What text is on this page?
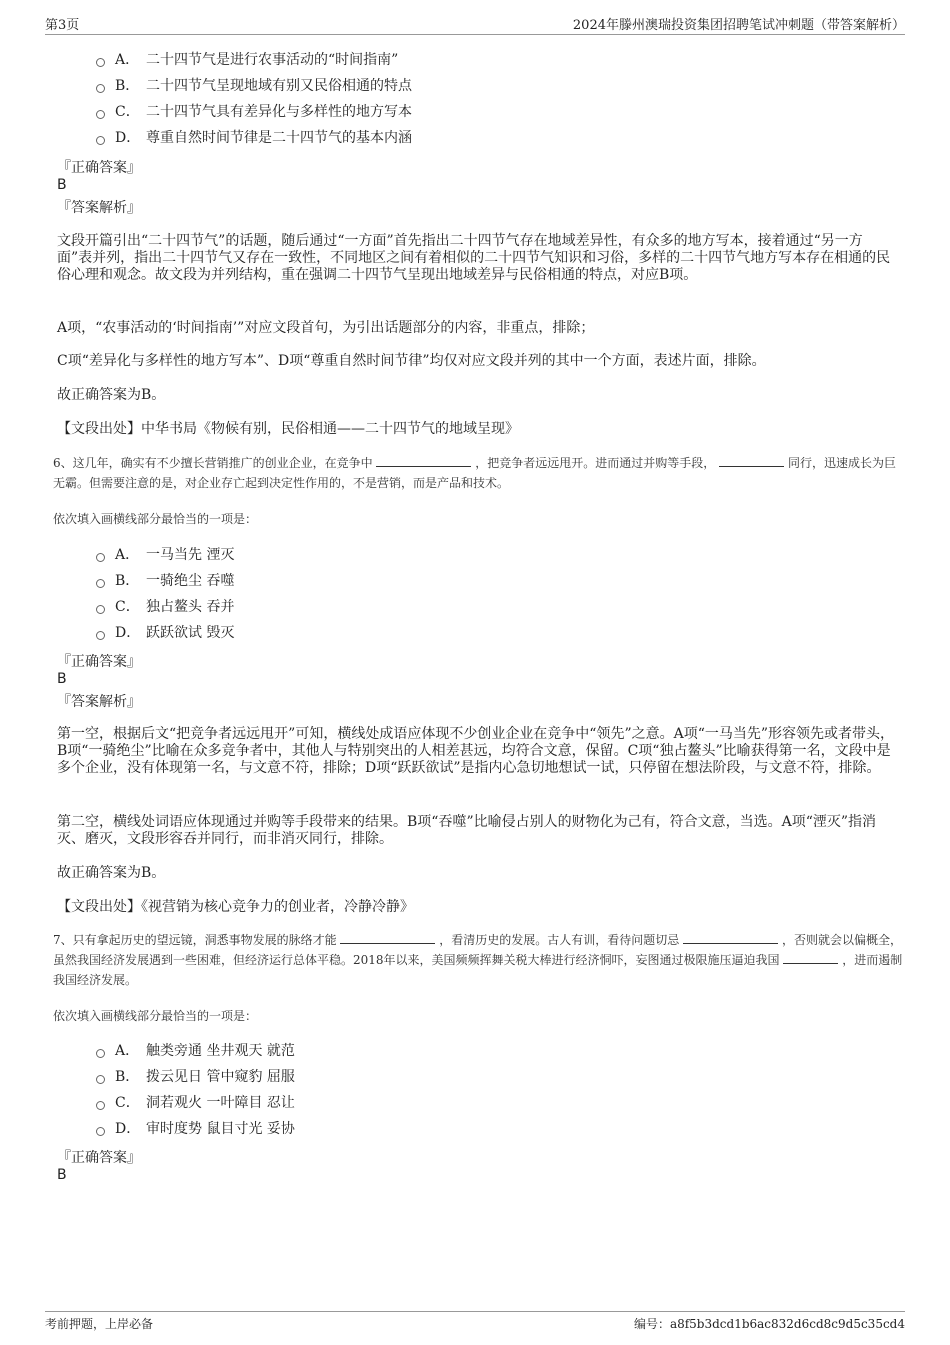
第3页	2024年滕州澳瑞投资集团招聘笔试冲刺题（带答案解析）
A． 二十四节气是进行农事活动的“时间指南”
B． 二十四节气呈现地域有别又民俗相通的特点
C． 二十四节气具有差异化与多样性的地方写本
D． 尊重自然时间节律是二十四节气的基本内涵
『正确答案』
B
『答案解析』
文段开篇引出“二十四节气”的话题，随后通过“一方面”首先指出二十四节气存在地域差异性，有众多的地方写本，接着通过“另一方面”表并列，指出二十四节气又存在一致性，不同地区之间有着相似的二十四节气知识和习俗，多样的二十四节气地方写本存在相通的民俗心理和观念。故文段为并列结构，重在强调二十四节气呈现出地域差异与民俗相通的特点，对应B项。
A项，“农事活动的‘时间指南’”对应文段首句，为引出话题部分的内容，非重点，排除；
C项“差异化与多样性的地方写本”、D项“尊重自然时间节律”均仅对应文段并列的其中一个方面，表述片面，排除。
故正确答案为B。
【文段出处】中华书局《物候有别，民俗相通——二十四节气的地域呈现》
6、这几年，确实有不少擅长营销推广的创业企业，在竞争中	，把竞争者远远甩开。进而通过并购等手段，	同行，迅速成长为巨无霸。但需要注意的是，对企业存亡起到决定性作用的，不是营销，而是产品和技术。
依次填入画横线部分最恰当的一项是：
A． 一马当先 湮灭
B． 一骑绝尘 吞噬
C． 独占鳌头 吞并
D． 跃跃欲试 毁灭
『正确答案』
B
『答案解析』
第一空，根据后文“把竞争者远远甩开”可知，横线处成语应体现不少创业企业在竞争中“领先”之意。A项“一马当先”形容领先或者带头，B项“一骑绝尘”比喻在众多竞争者中，其他人与特别突出的人相差甚远，均符合文意，保留。C项“独占鳌头”比喻获得第一名，文段中是多个企业，没有体现第一名，与文意不符，排除；D项“跃跃欲试”是指内心急切地想试一试，只停留在想法阶段，与文意不符，排除。
第二空，横线处词语应体现通过并购等手段带来的结果。B项“吞噬”比喻侵占别人的财物化为己有，符合文意，当选。A项“湮灭”指消灭、磨灭，文段形容吞并同行，而非消灭同行，排除。
故正确答案为B。
【文段出处】《视营销为核心竞争力的创业者，冷静冷静》
7、只有拿起历史的望远镜，洞悉事物发展的脉络才能	，看清历史的发展。古人有训，看待问题切忌	，否则就会以偏概全，虽然我国经济发展遇到一些困难，但经济运行总体平稳。2018年以来，美国频频挥舞关税大棒进行经济恫吓，妄图通过极限施压逼迫我国	，进而遏制我国经济发展。
依次填入画横线部分最恰当的一项是：
A． 触类旁通 坐井观天 就范
B． 拨云见日 管中窥豹 屈服
C． 洞若观火 一叶障目 忍让
D． 审时度势 鼠目寸光 妥协
『正确答案』
B
考前押题，上岸必备	编号：a8f5b3dcd1b6ac832d6cd8c9d5c35cd4
